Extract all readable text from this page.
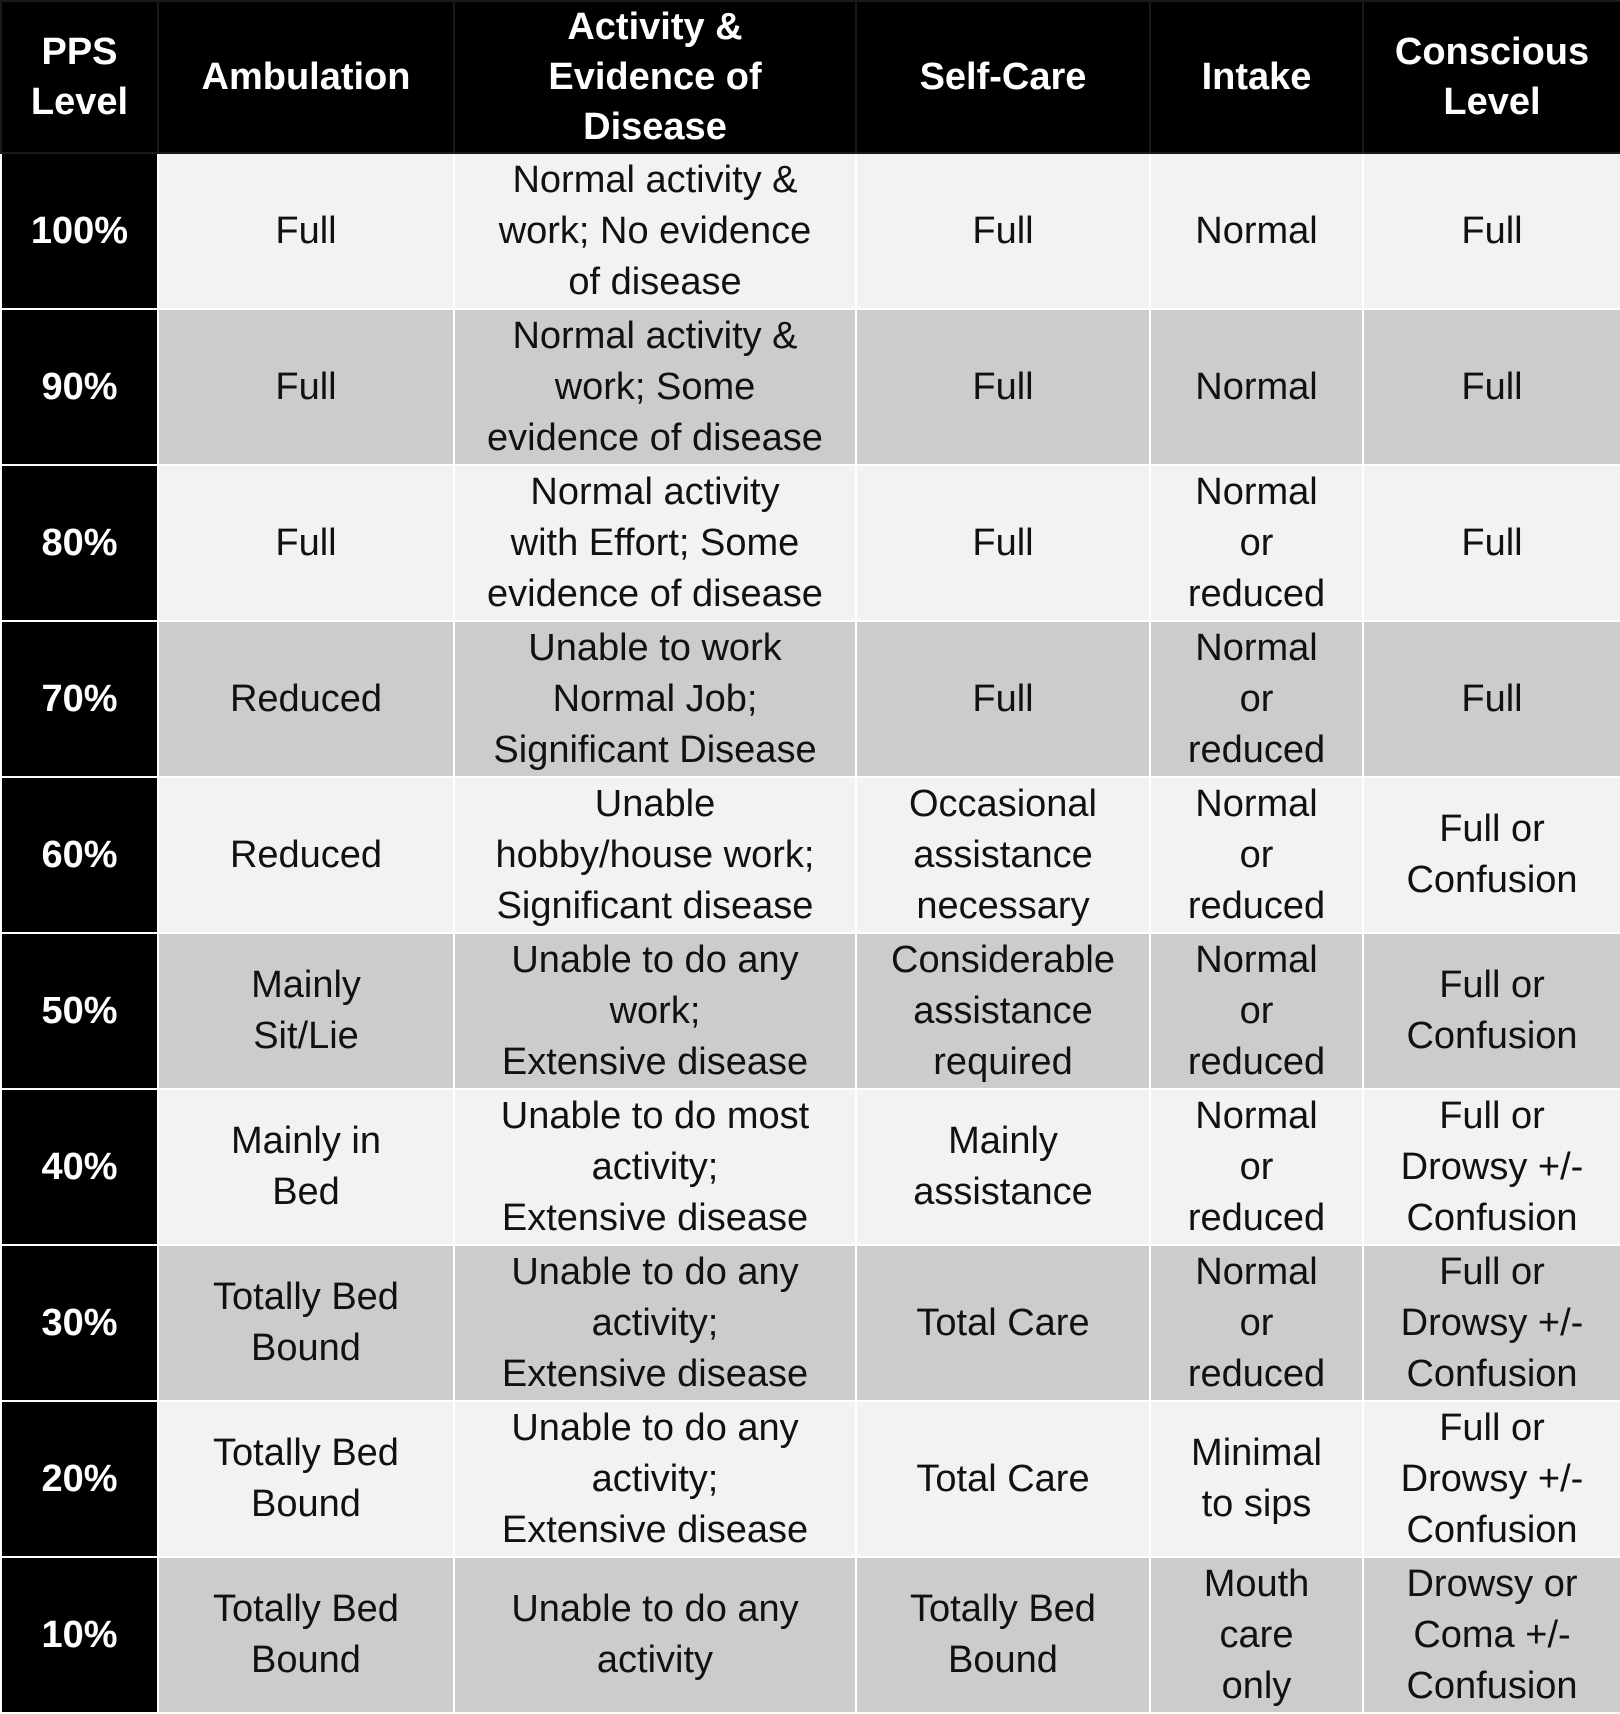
PPS
Level	Ambulation	Activity &
Evidence of
Disease	Self-Care	Intake	Conscious
Level

100%	Full	Normal activity &
work; No evidence
of disease	Full	Normal	Full

90%	Full	Normal activity &
work; Some
evidence of disease	Full	Normal	Full

80%	Full	Normal activity
with Effort; Some
evidence of disease	Full	Normal
or
reduced	Full

70%	Reduced	Unable to work
Normal Job;
Significant Disease	Full	Normal
or
reduced	Full

60%	Reduced	Unable
hobby/house work;
Significant disease	Occasional
assistance
necessary	Normal
or
reduced	Full or
Confusion

50%	Mainly
Sit/Lie	Unable to do any
work;
Extensive disease	Considerable
assistance
required	Normal
or
reduced	Full or
Confusion

40%	Mainly in
Bed	Unable to do most
activity;
Extensive disease	Mainly
assistance	Normal
or
reduced	Full or
Drowsy +/-
Confusion

30%	Totally Bed
Bound	Unable to do any
activity;
Extensive disease	Total Care	Normal
or
reduced	Full or
Drowsy +/-
Confusion

20%	Totally Bed
Bound	Unable to do any
activity;
Extensive disease	Total Care	Minimal
to sips	Full or
Drowsy +/-
Confusion

10%	Totally Bed
Bound	Unable to do any
activity	Totally Bed
Bound	Mouth
care
only	Drowsy or
Coma +/-
Confusion
